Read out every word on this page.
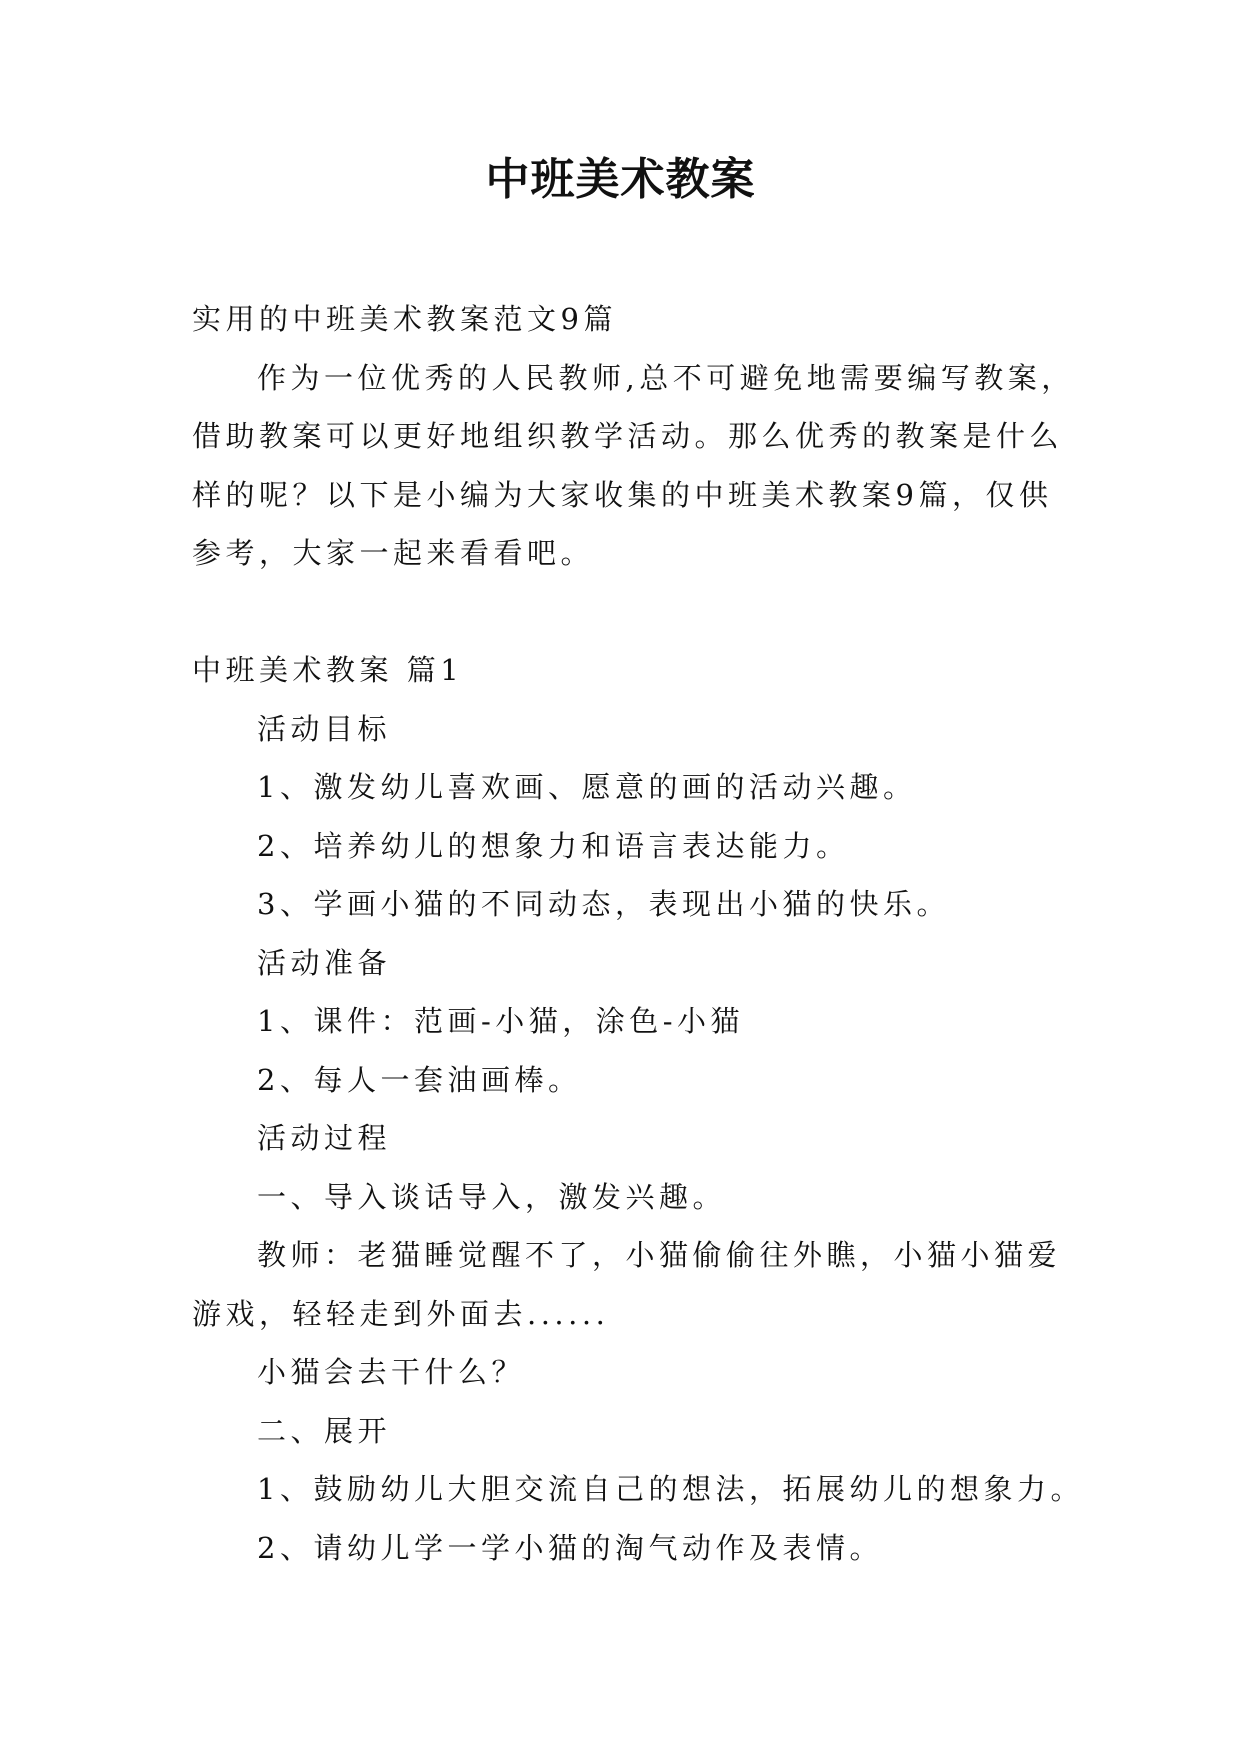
中班美术教案
实用的中班美术教案范文9篇
作为一位优秀的人民教师,总不可避免地需要编写教案，
借助教案可以更好地组织教学活动。那么优秀的教案是什么
样的呢？以下是小编为大家收集的中班美术教案9篇，仅供
参考，大家一起来看看吧。
中班美术教案 篇1
活动目标
1、激发幼儿喜欢画、愿意的画的活动兴趣。
2、培养幼儿的想象力和语言表达能力。
3、学画小猫的不同动态，表现出小猫的快乐。
活动准备
1、课件：范画-小猫，涂色-小猫
2、每人一套油画棒。
活动过程
一、导入谈话导入，激发兴趣。
教师：老猫睡觉醒不了，小猫偷偷往外瞧，小猫小猫爱
游戏，轻轻走到外面去......
小猫会去干什么？
二、展开
1、鼓励幼儿大胆交流自己的想法，拓展幼儿的想象力。
2、请幼儿学一学小猫的淘气动作及表情。
